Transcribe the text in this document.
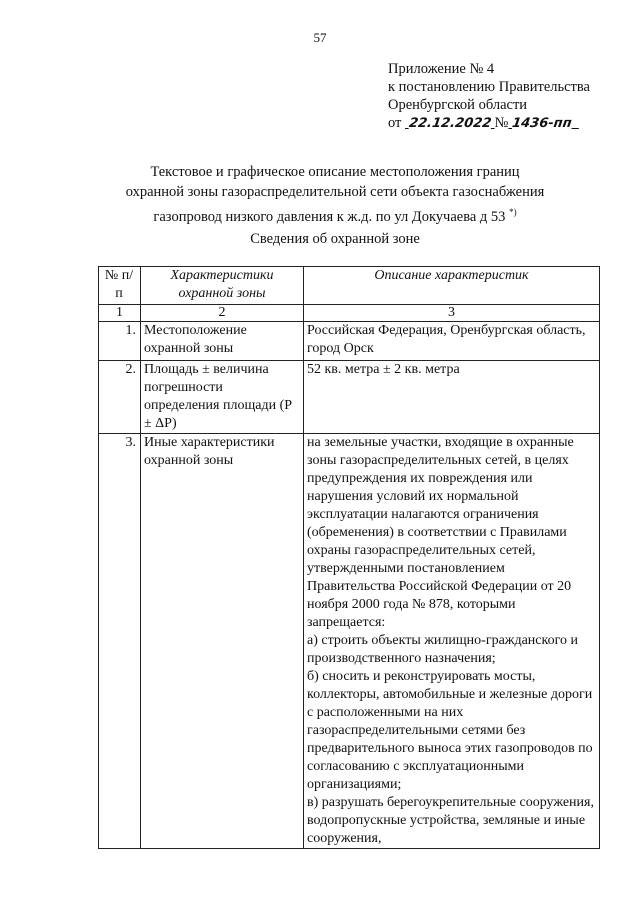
57
Приложение № 4
к постановлению Правительства
Оренбургской области
от 22.12.2022 № 1436-пп
Текстовое и графическое описание местоположения границ
охранной зоны газораспределительной сети объекта газоснабжения
газопровод низкого давления к ж.д. по ул Докучаева д 53 *)
Сведения об охранной зоне
№ п/п	Характеристики охранной зоны	Описание характеристик
1	2	3
1.	Местоположение охранной зоны	Российская Федерация, Оренбургская область, город Орск
2.	Площадь ± величина погрешности определения площади (P ± ΔP)	52 кв. метра ± 2 кв. метра
3.	Иные характеристики охранной зоны	на земельные участки, входящие в охранные зоны газораспределительных сетей, в целях предупреждения их повреждения или нарушения условий их нормальной эксплуатации налагаются ограничения (обременения) в соответствии с Правилами охраны газораспределительных сетей, утвержденными постановлением Правительства Российской Федерации от 20 ноября 2000 года № 878, которыми запрещается:
а) строить объекты жилищно-гражданского и производственного назначения;
б) сносить и реконструировать мосты, коллекторы, автомобильные и железные дороги с расположенными на них газораспределительными сетями без предварительного выноса этих газопроводов по согласованию с эксплуатационными организациями;
в) разрушать берегоукрепительные сооружения, водопропускные устройства, земляные и иные сооружения,
